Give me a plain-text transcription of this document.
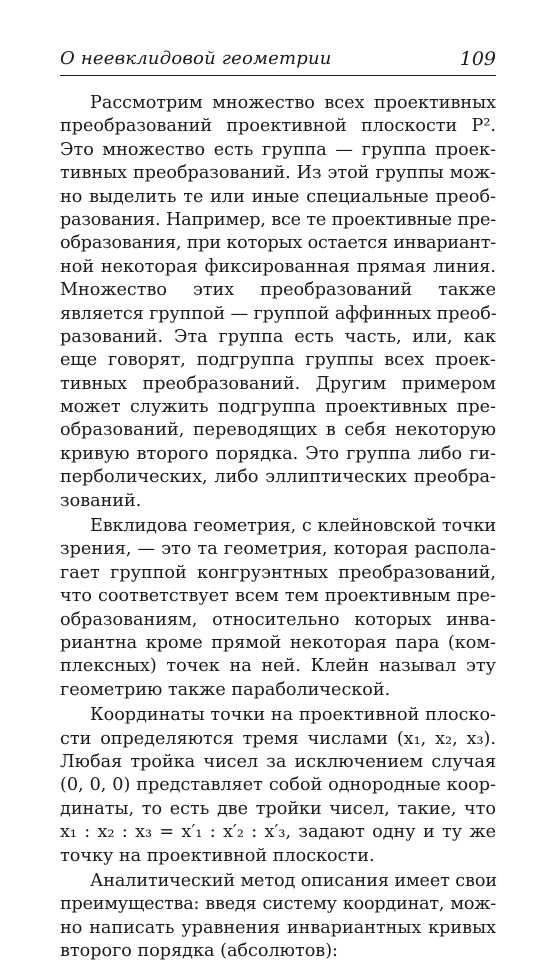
О неевклидовой геометрии	109
Рассмотрим множество всех проективных
преобразований проективной плоскости P².
Это множество есть группа — группа проек-
тивных преобразований. Из этой группы мож-
но выделить те или иные специальные преоб-
разования. Например, все те проективные пре-
образования, при которых остается инвариант-
ной некоторая фиксированная прямая линия.
Множество этих преобразований также
является группой — группой аффинных преоб-
разований. Эта группа есть часть, или, как
еще говорят, подгруппа группы всех проек-
тивных преобразований. Другим примером
может служить подгруппа проективных пре-
образований, переводящих в себя некоторую
кривую второго порядка. Это группа либо ги-
перболических, либо эллиптических преобра-
зований.
Евклидова геометрия, с клейновской точки
зрения, — это та геометрия, которая распола-
гает группой конгруэнтных преобразований,
что соответствует всем тем проективным пре-
образованиям, относительно которых инва-
риантна кроме прямой некоторая пара (ком-
плексных) точек на ней. Клейн называл эту
геометрию также параболической.
Координаты точки на проективной плоско-
сти определяются тремя числами (x₁, x₂, x₃).
Любая тройка чисел за исключением случая
(0, 0, 0) представляет собой однородные коор-
динаты, то есть две тройки чисел, такие, что
x₁ : x₂ : x₃ = x′₁ : x′₂ : x′₃, задают одну и ту же
точку на проективной плоскости.
Аналитический метод описания имеет свои
преимущества: введя систему координат, мож-
но написать уравнения инвариантных кривых
второго порядка (абсолютов):
